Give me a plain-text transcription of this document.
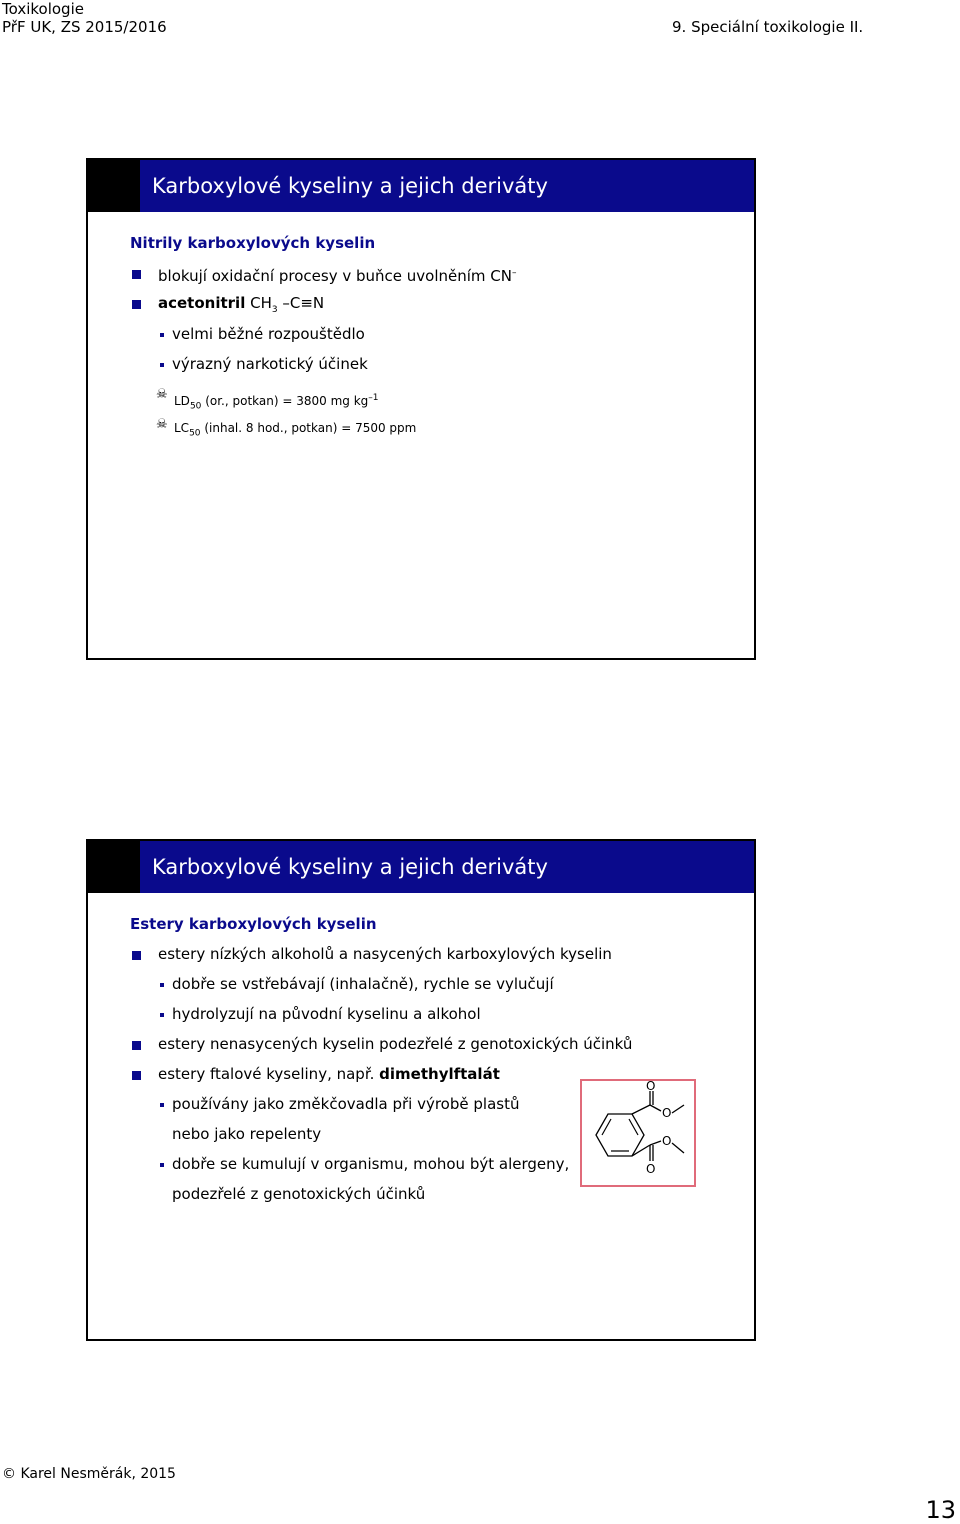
Toxikologie
PřF UK, ZS 2015/2016	9. Speciální toxikologie II.
Karboxylové kyseliny a jejich deriváty
Nitrily karboxylových kyselin
blokují oxidační procesy v buňce uvolněním CN–
acetonitril $CH_3$ –C≡N
velmi běžné rozpouštědlo
výrazný narkotický účinek
☠ $LD_{50}$ (or., potkan) = 3800 mg $kg^{-1}$
☠ $LC_{50}$ (inhal. 8 hod., potkan) = 7500 ppm
Karboxylové kyseliny a jejich deriváty
Estery karboxylových kyselin
estery nízkých alkoholů a nasycených karboxylových kyselin
dobře se vstřebávají (inhalačně), rychle se vylučují
hydrolyzují na původní kyselinu a alkohol
estery nenasycených kyselin podezřelé z genotoxických účinků
estery ftalové kyseliny, např. dimethylftalát
používány jako změkčovadla při výrobě plastů
nebo jako repelenty
dobře se kumulují v organismu, mohou být alergeny,
podezřelé z genotoxických účinků
O
O
O
O
© Karel Nesměrák, 2015
13
